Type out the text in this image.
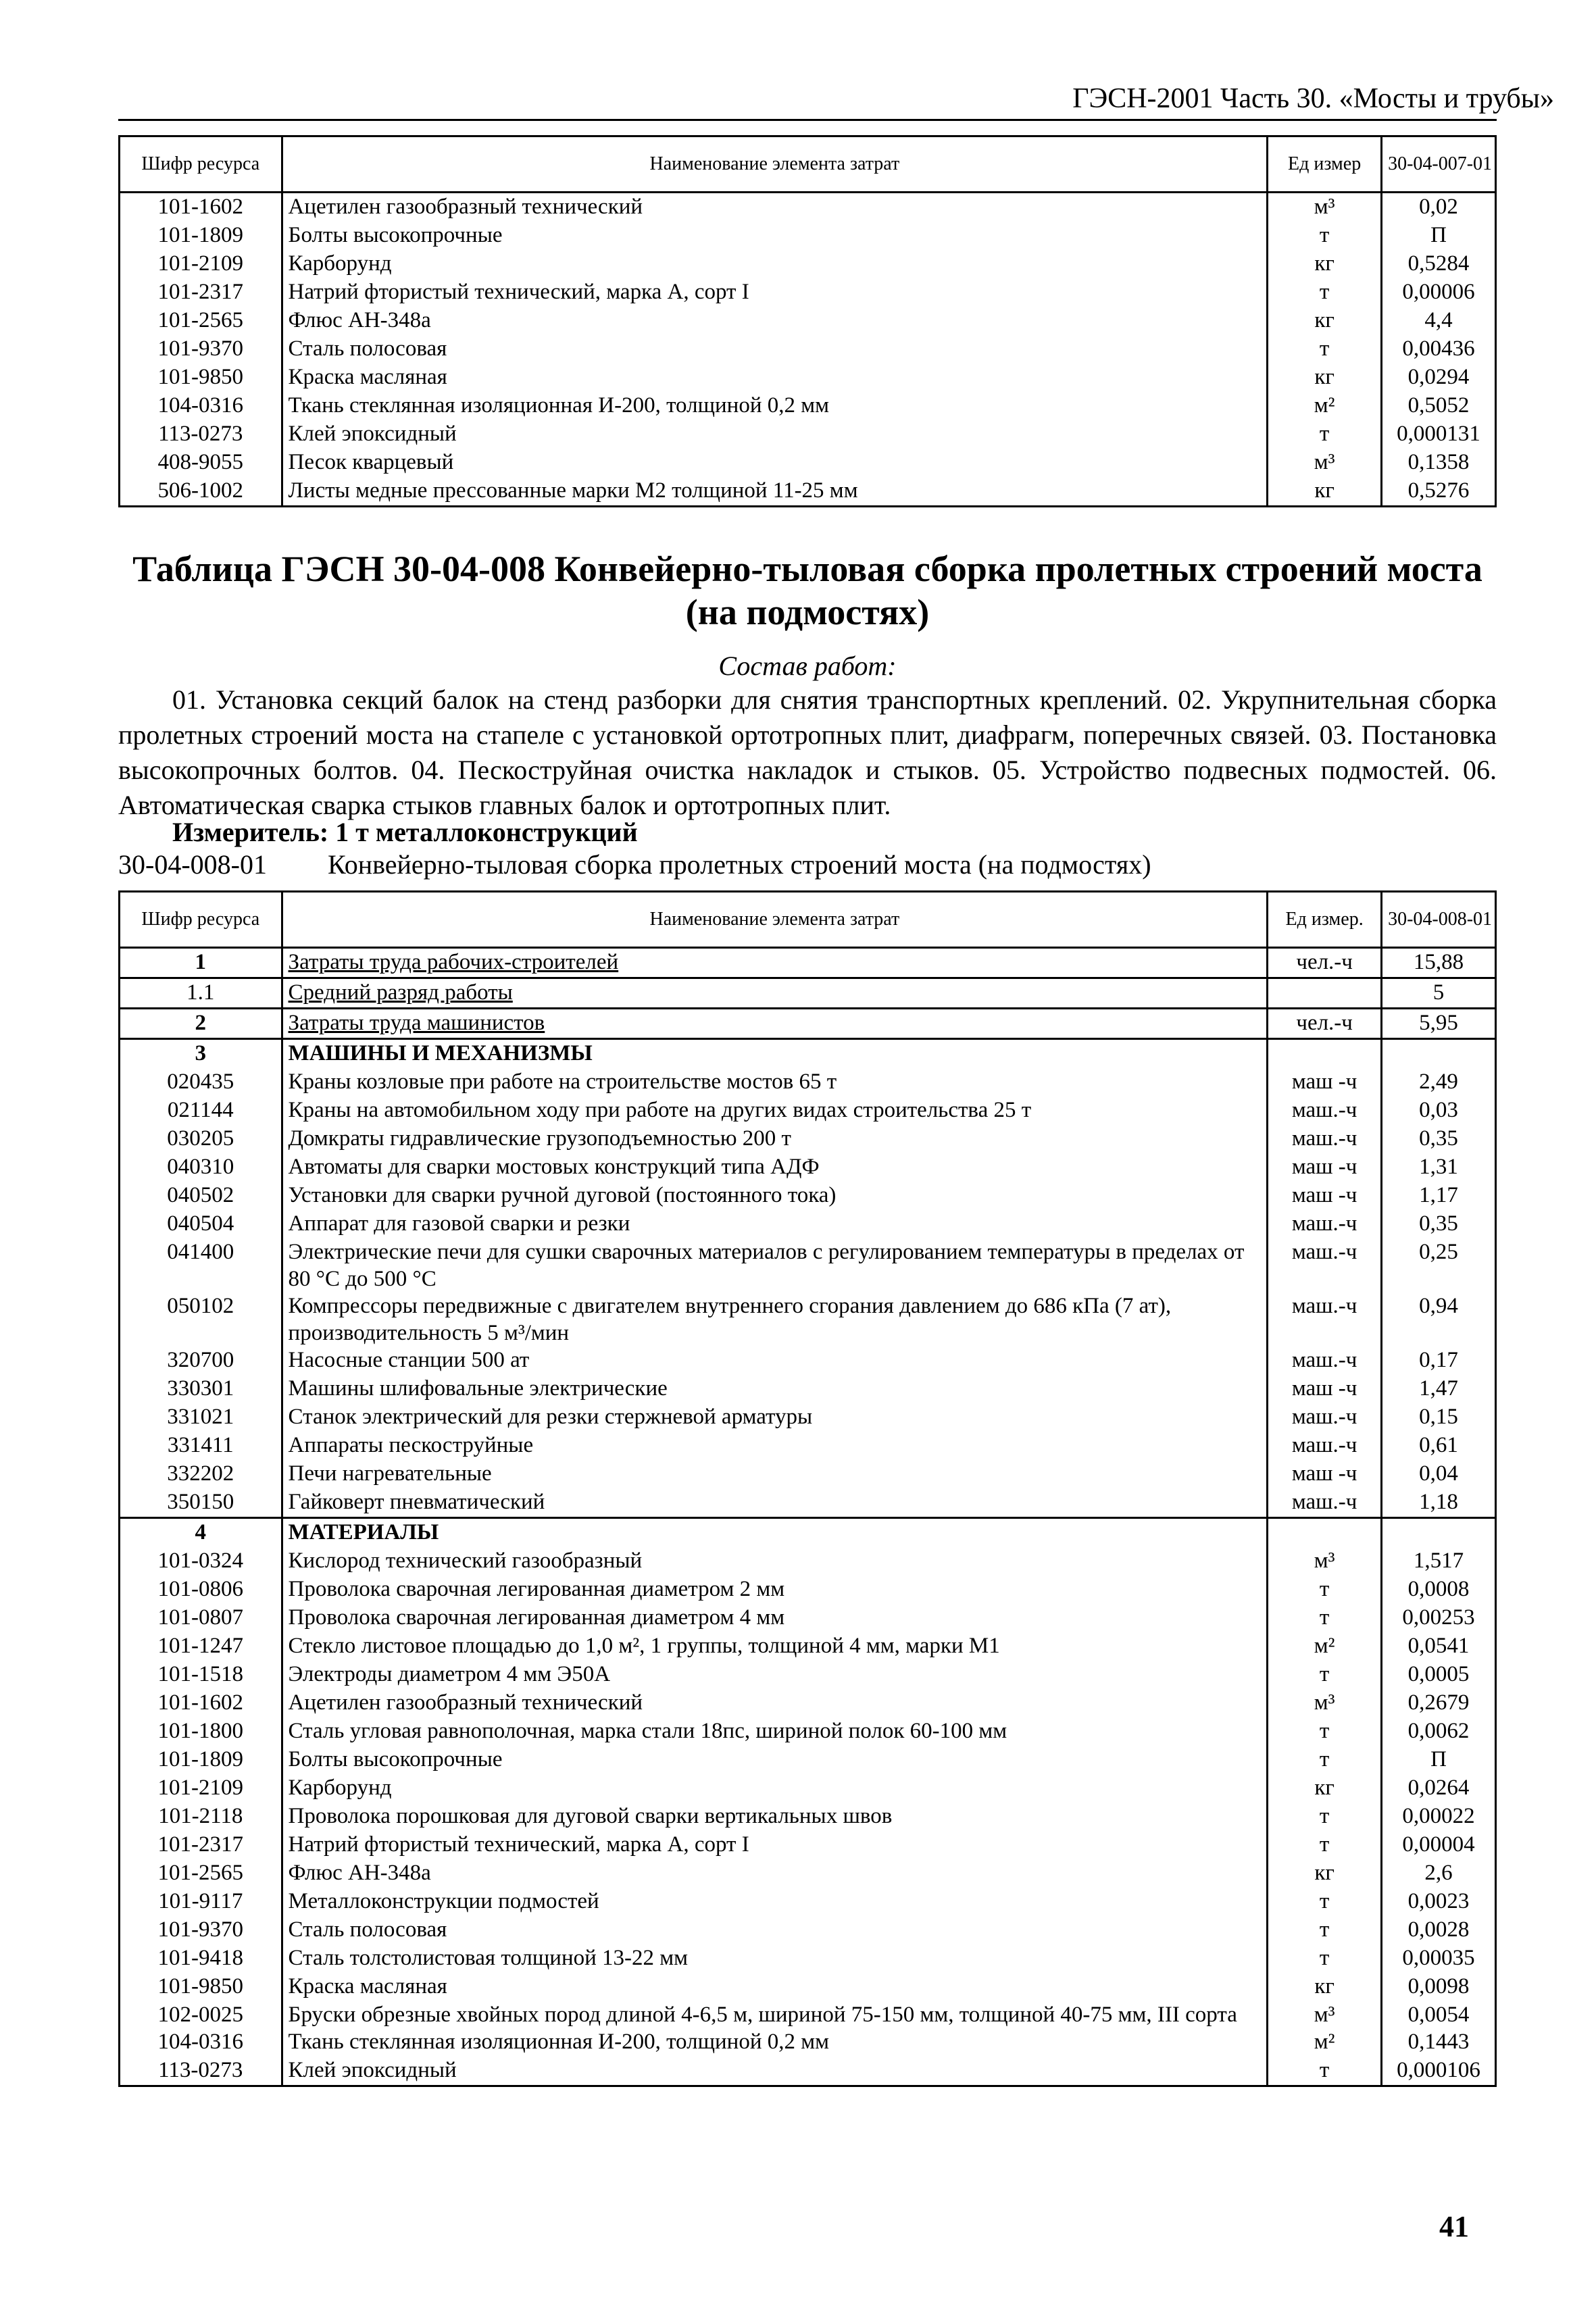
ГЭСН-2001 Часть 30. «Мосты и трубы»
Шифр ресурса	Наименование элемента затрат	Ед измер	30-04-007-01
101-1602	Ацетилен газообразный технический	м³	0,02
101-1809	Болты высокопрочные	т	П
101-2109	Карборунд	кг	0,5284
101-2317	Натрий фтористый технический, марка А, сорт I	т	0,00006
101-2565	Флюс АН-348а	кг	4,4
101-9370	Сталь полосовая	т	0,00436
101-9850	Краска масляная	кг	0,0294
104-0316	Ткань стеклянная изоляционная И-200, толщиной 0,2 мм	м²	0,5052
113-0273	Клей эпоксидный	т	0,000131
408-9055	Песок кварцевый	м³	0,1358
506-1002	Листы медные прессованные марки М2 толщиной 11-25 мм	кг	0,5276
Таблица ГЭСН 30-04-008 Конвейерно-тыловая сборка пролетных строений моста (на подмостях)
Состав работ:
01. Установка секций балок на стенд разборки для снятия транспортных креплений. 02. Укрупнительная сборка пролетных строений моста на стапеле с установкой ортотропных плит, диафрагм, поперечных связей. 03. Постановка высокопрочных болтов. 04. Пескоструйная очистка накладок и стыков. 05. Устройство подвесных подмостей. 06. Автоматическая сварка стыков главных балок и ортотропных плит.
Измеритель: 1 т металлоконструкций
30-04-008-01 Конвейерно-тыловая сборка пролетных строений моста (на подмостях)
Шифр ресурса	Наименование элемента затрат	Ед измер.	30-04-008-01
1	Затраты труда рабочих-строителей	чел.-ч	15,88
1.1	Средний разряд работы		5
2	Затраты труда машинистов	чел.-ч	5,95
3	МАШИНЫ И МЕХАНИЗМЫ		
020435	Краны козловые при работе на строительстве мостов 65 т	маш -ч	2,49
021144	Краны на автомобильном ходу при работе на других видах строительства 25 т	маш.-ч	0,03
030205	Домкраты гидравлические грузоподъемностью 200 т	маш.-ч	0,35
040310	Автоматы для сварки мостовых конструкций типа АДФ	маш -ч	1,31
040502	Установки для сварки ручной дуговой (постоянного тока)	маш -ч	1,17
040504	Аппарат для газовой сварки и резки	маш.-ч	0,35
041400	Электрические печи для сушки сварочных материалов с регулированием температуры в пределах от 80 °С до 500 °С	маш.-ч	0,25
050102	Компрессоры передвижные с двигателем внутреннего сгорания давлением до 686 кПа (7 ат), производительность 5 м³/мин	маш.-ч	0,94
320700	Насосные станции 500 ат	маш.-ч	0,17
330301	Машины шлифовальные электрические	маш -ч	1,47
331021	Станок электрический для резки стержневой арматуры	маш.-ч	0,15
331411	Аппараты пескоструйные	маш.-ч	0,61
332202	Печи нагревательные	маш -ч	0,04
350150	Гайковерт пневматический	маш.-ч	1,18
4	МАТЕРИАЛЫ		
101-0324	Кислород технический газообразный	м³	1,517
101-0806	Проволока сварочная легированная диаметром 2 мм	т	0,0008
101-0807	Проволока сварочная легированная диаметром 4 мм	т	0,00253
101-1247	Стекло листовое площадью до 1,0 м², 1 группы, толщиной 4 мм, марки М1	м²	0,0541
101-1518	Электроды диаметром 4 мм Э50А	т	0,0005
101-1602	Ацетилен газообразный технический	м³	0,2679
101-1800	Сталь угловая равнополочная, марка стали 18пс, шириной полок 60-100 мм	т	0,0062
101-1809	Болты высокопрочные	т	П
101-2109	Карборунд	кг	0,0264
101-2118	Проволока порошковая для дуговой сварки вертикальных швов	т	0,00022
101-2317	Натрий фтористый технический, марка А, сорт I	т	0,00004
101-2565	Флюс АН-348а	кг	2,6
101-9117	Металлоконструкции подмостей	т	0,0023
101-9370	Сталь полосовая	т	0,0028
101-9418	Сталь толстолистовая толщиной 13-22 мм	т	0,00035
101-9850	Краска масляная	кг	0,0098
102-0025	Бруски обрезные хвойных пород длиной 4-6,5 м, шириной 75-150 мм, толщиной 40-75 мм, III сорта	м³	0,0054
104-0316	Ткань стеклянная изоляционная И-200, толщиной 0,2 мм	м²	0,1443
113-0273	Клей эпоксидный	т	0,000106
41
